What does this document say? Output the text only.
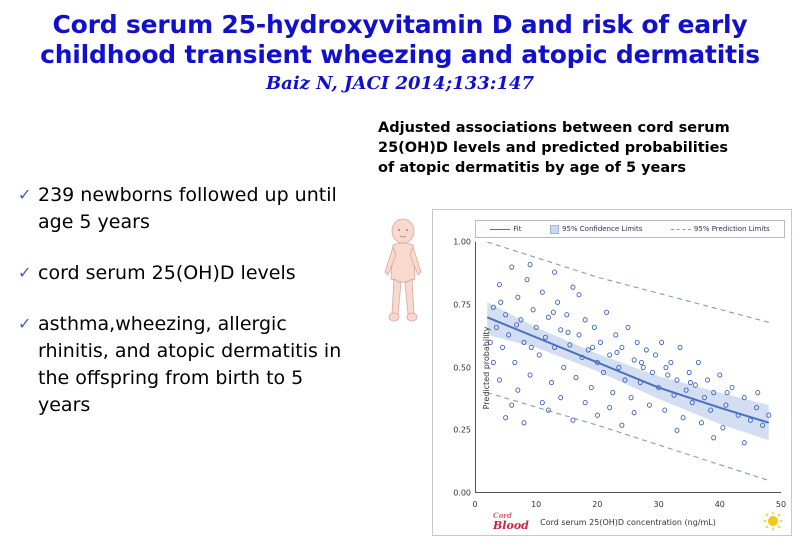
Cord serum 25-hydroxyvitamin D and risk of early
childhood transient wheezing and atopic dermatitis
Baiz N, JACI 2014;133:147
✓ 239 newborns followed up until age 5 years
✓ cord serum 25(OH)D levels
✓ asthma,wheezing, allergic rhinitis, and atopic dermatitis in the offspring from birth to 5 years
Adjusted associations between cord serum
25(OH)D levels and predicted probabilities
of atopic dermatitis by age of 5 years
Fit	95% Confidence Limits	95% Prediction Limits
Predicted probability
Cord serum 25(OH)D concentration (ng/mL)
0.00
0.25
0.50
0.75
1.00
0	10	20	30	40	50
Cord
Blood
